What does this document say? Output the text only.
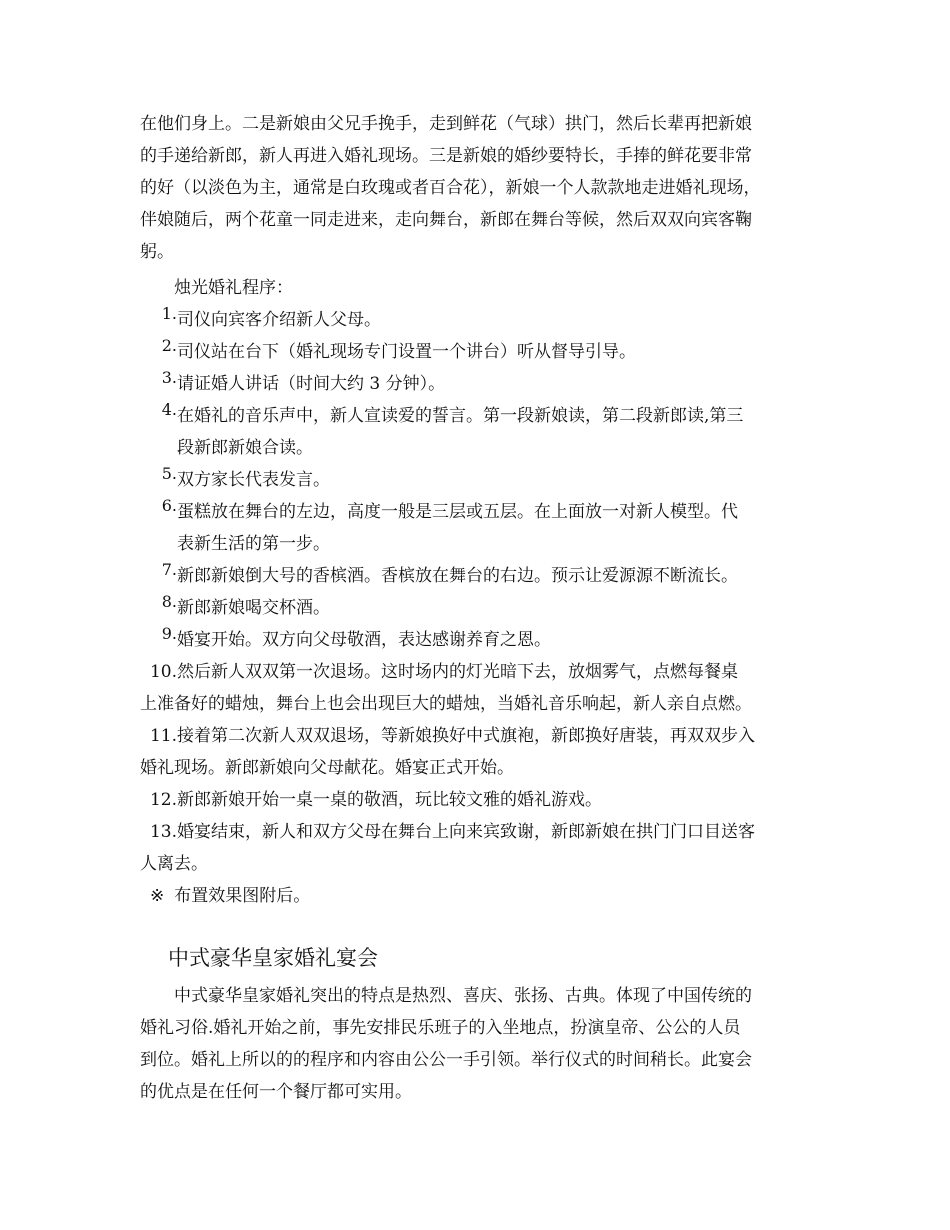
在他们身上。二是新娘由父兄手挽手，走到鲜花（气球）拱门，然后长辈再把新娘

的手递给新郎，新人再进入婚礼现场。三是新娘的婚纱要特长，手捧的鲜花要非常

的好（以淡色为主，通常是白玫瑰或者百合花），新娘一个人款款地走进婚礼现场，

伴娘随后，两个花童一同走进来，走向舞台，新郎在舞台等候，然后双双向宾客鞠

躬。

烛光婚礼程序：

1. 司仪向宾客介绍新人父母。

2. 司仪站在台下（婚礼现场专门设置一个讲台）听从督导引导。

3. 请证婚人讲话（时间大约 3 分钟）。

4. 在婚礼的音乐声中，新人宣读爱的誓言。第一段新娘读，第二段新郎读,第三

段新郎新娘合读。

5. 双方家长代表发言。

6. 蛋糕放在舞台的左边，高度一般是三层或五层。在上面放一对新人模型。代

表新生活的第一步。

7. 新郎新娘倒大号的香槟酒。香槟放在舞台的右边。预示让爱源源不断流长。

8. 新郎新娘喝交杯酒。

9. 婚宴开始。双方向父母敬酒，表达感谢养育之恩。

10.然后新人双双第一次退场。这时场内的灯光暗下去，放烟雾气，点燃每餐桌

上准备好的蜡烛，舞台上也会出现巨大的蜡烛，当婚礼音乐响起，新人亲自点燃。

11.接着第二次新人双双退场，等新娘换好中式旗袍，新郎换好唐装，再双双步入

婚礼现场。新郎新娘向父母献花。婚宴正式开始。

12.新郎新娘开始一桌一桌的敬酒，玩比较文雅的婚礼游戏。

13.婚宴结束，新人和双方父母在舞台上向来宾致谢，新郎新娘在拱门门口目送客

人离去。

※ 布置效果图附后。

中式豪华皇家婚礼宴会

中式豪华皇家婚礼突出的特点是热烈、喜庆、张扬、古典。体现了中国传统的

婚礼习俗.婚礼开始之前，事先安排民乐班子的入坐地点，扮演皇帝、公公的人员

到位。婚礼上所以的的程序和内容由公公一手引领。举行仪式的时间稍长。此宴会

的优点是在任何一个餐厅都可实用。
